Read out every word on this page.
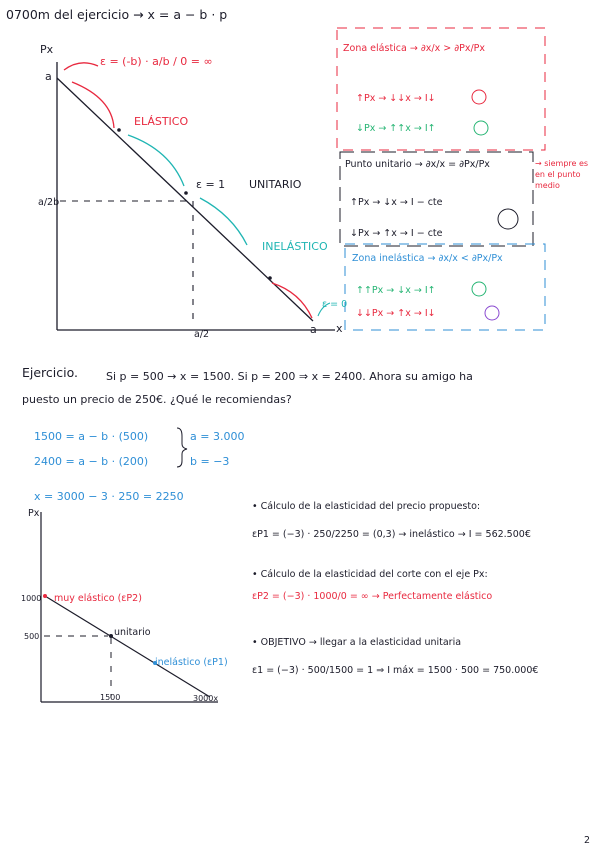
0700m del ejercicio → x = a − b · p
Px
a
a/2b
a/2	a x
ε = (-b) · a/b / 0 = ∞
ELÁSTICO
ε = 1 UNITARIO
INELÁSTICO
ε = 0
Zona elástica → ∂x/x > ∂Px/Px
↑Px → ↓↓x → I↓
↓Px → ↑↑x → I↑
Punto unitario → ∂x/x = ∂Px/Px
↑Px → ↓x → I − cte
↓Px → ↑x → I − cte
→ siempre es en el punto medio
Zona inelástica → ∂x/x < ∂Px/Px
↑↑Px → ↓x → I↑
↓↓Px → ↑x → I↓
Ejercicio.	Si p = 500 → x = 1500. Si p = 200 ⇒ x = 2400. Ahora su amigo ha
puesto un precio de 250€. ¿Qué le recomiendas?
1500 = a − b · (500)
2400 = a − b · (200)
a = 3.000
b = −3
x = 3000 − 3 · 250 = 2250
Px
1000
500
1500	3000x
muy elástico (εP2)
unitario
inelástico (εP1)
• Cálculo de la elasticidad del precio propuesto:
εP1 = (−3) · 250/2250 = (0,3) → inelástico → I = 562.500€
• Cálculo de la elasticidad del corte con el eje Px:
εP2 = (−3) · 1000/0 = ∞ → Perfectamente elástico
• OBJETIVO → llegar a la elasticidad unitaria
ε1 = (−3) · 500/1500 = 1 ⇒ I máx = 1500 · 500 = 750.000€
2
